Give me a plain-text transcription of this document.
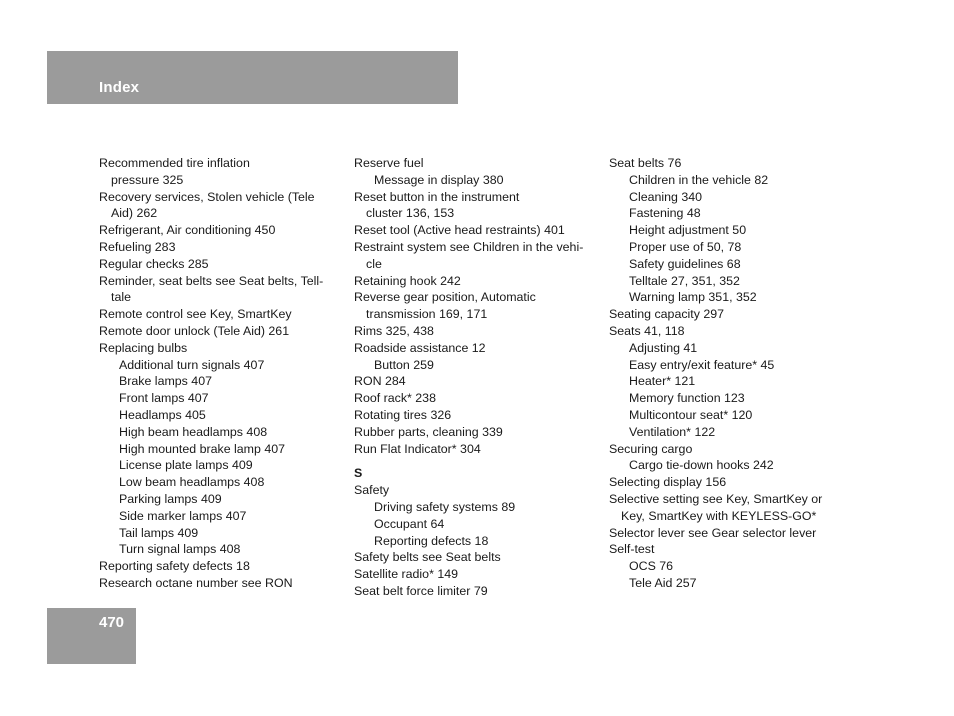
Index
Recommended tire inflation
pressure 325
Recovery services, Stolen vehicle (Tele
Aid) 262
Refrigerant, Air conditioning 450
Refueling 283
Regular checks 285
Reminder, seat belts see Seat belts, Tell-
tale
Remote control see Key, SmartKey
Remote door unlock (Tele Aid) 261
Replacing bulbs
Additional turn signals 407
Brake lamps 407
Front lamps 407
Headlamps 405
High beam headlamps 408
High mounted brake lamp 407
License plate lamps 409
Low beam headlamps 408
Parking lamps 409
Side marker lamps 407
Tail lamps 409
Turn signal lamps 408
Reporting safety defects 18
Research octane number see RON
Reserve fuel
Message in display 380
Reset button in the instrument
cluster 136, 153
Reset tool (Active head restraints) 401
Restraint system see Children in the vehi-
cle
Retaining hook 242
Reverse gear position, Automatic
transmission 169, 171
Rims 325, 438
Roadside assistance 12
Button 259
RON 284
Roof rack* 238
Rotating tires 326
Rubber parts, cleaning 339
Run Flat Indicator* 304
S
Safety
Driving safety systems 89
Occupant 64
Reporting defects 18
Safety belts see Seat belts
Satellite radio* 149
Seat belt force limiter 79
Seat belts 76
Children in the vehicle 82
Cleaning 340
Fastening 48
Height adjustment 50
Proper use of 50, 78
Safety guidelines 68
Telltale 27, 351, 352
Warning lamp 351, 352
Seating capacity 297
Seats 41, 118
Adjusting 41
Easy entry/exit feature* 45
Heater* 121
Memory function 123
Multicontour seat* 120
Ventilation* 122
Securing cargo
Cargo tie-down hooks 242
Selecting display 156
Selective setting see Key, SmartKey or
Key, SmartKey with KEYLESS-GO*
Selector lever see Gear selector lever
Self-test
OCS 76
Tele Aid 257
470
